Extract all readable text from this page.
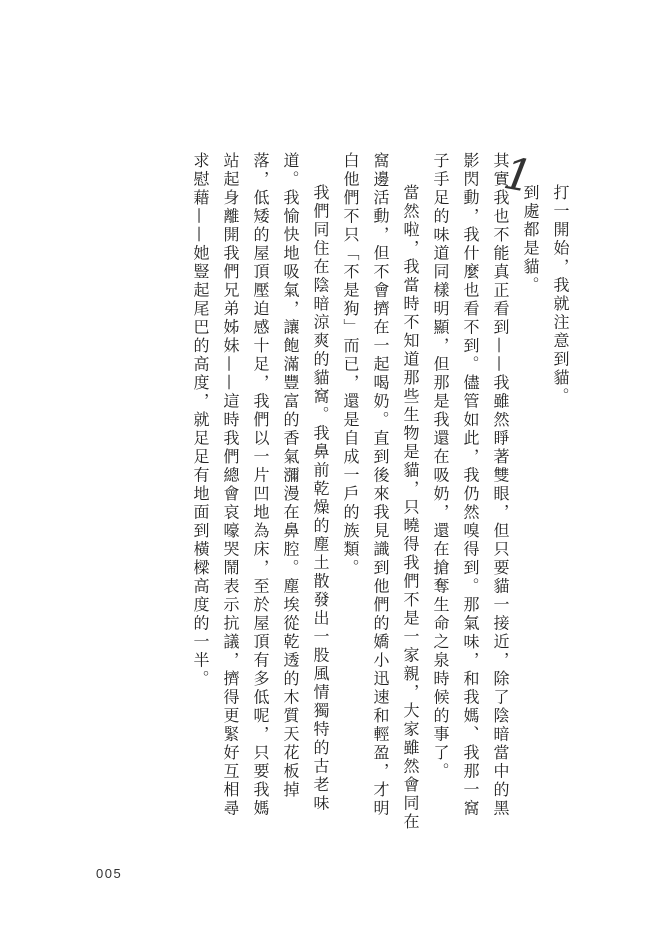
1

打一開始，我就注意到貓。

到處都是貓。

其實我也不能真正看到——我雖然睜著雙眼，但只要貓一接近，除了陰暗當中的黑影閃動，我什麼也看不到。儘管如此，我仍然嗅得到。那氣味，和我媽、我那一窩子手足的味道同樣明顯，但那是我還在吸奶，還在搶奪生命之泉時候的事了。

當然啦，我當時不知道那些生物是貓，只曉得我們不是一家親，大家雖然會同在窩邊活動，但不會擠在一起喝奶。直到後來我見識到他們的嬌小迅速和輕盈，才明白他們不只「不是狗」而已，還是自成一戶的族類。

我們同住在陰暗涼爽的貓窩。我鼻前乾燥的塵土散發出一股風情獨特的古老味道。我愉快地吸氣，讓飽滿豐富的香氣瀰漫在鼻腔。塵埃從乾透的木質天花板掉落，低矮的屋頂壓迫感十足，我們以一片凹地為床，至於屋頂有多低呢，只要我媽站起身離開我們兄弟姊妹——這時我們總會哀嚎哭鬧表示抗議，擠得更緊好互相尋求慰藉——她豎起尾巴的高度，就足足有地面到橫樑高度的一半。

005
